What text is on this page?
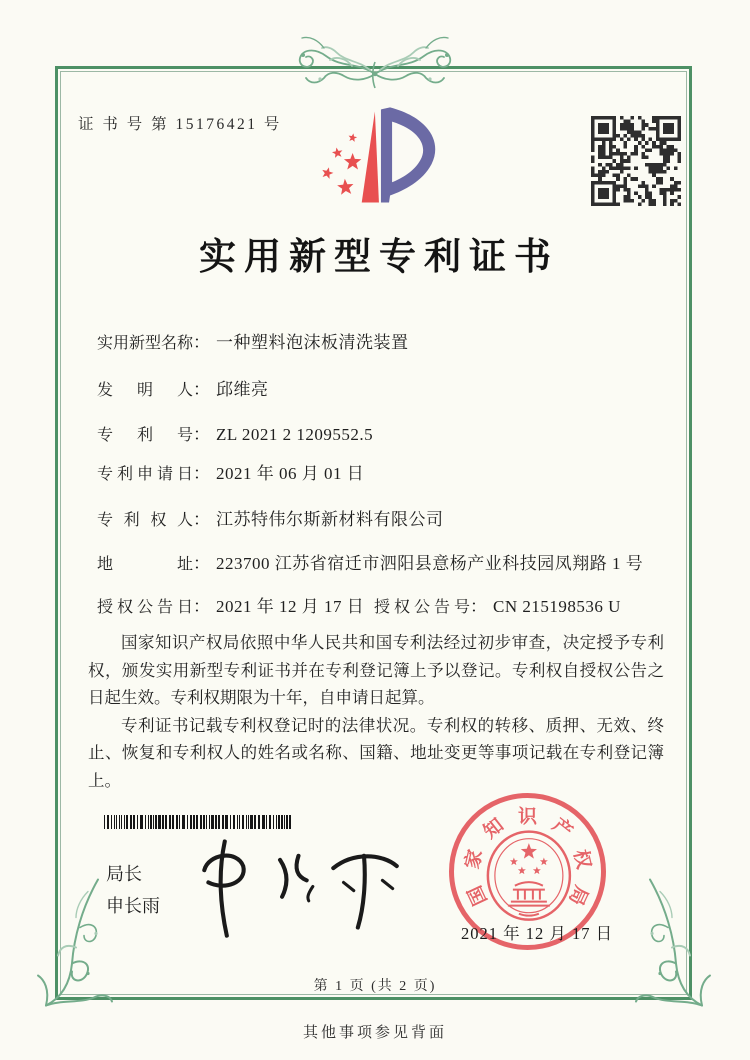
证 书 号 第 15176421 号
实用新型专利证书
实用新型名称： 一种塑料泡沫板清洗装置
发明人： 邱维亮
专利号： ZL 2021 2 1209552.5
专利申请日： 2021 年 06 月 01 日
专利权人： 江苏特伟尔斯新材料有限公司
地址： 223700 江苏省宿迁市泗阳县意杨产业科技园凤翔路 1 号
授权公告日： 2021 年 12 月 17 日 授权公告号： CN 215198536 U

国家知识产权局依照中华人民共和国专利法经过初步审查，决定授予专利权，颁发实用新型专利证书并在专利登记簿上予以登记。专利权自授权公告之日起生效。专利权期限为十年，自申请日起算。

专利证书记载专利权登记时的法律状况。专利权的转移、质押、无效、终止、恢复和专利权人的姓名或名称、国籍、地址变更等事项记载在专利登记簿上。

局长
申长雨	国
家
知 识 产
权
局
2021 年 12 月 17 日
第 1 页 (共 2 页)
其他事项参见背面
